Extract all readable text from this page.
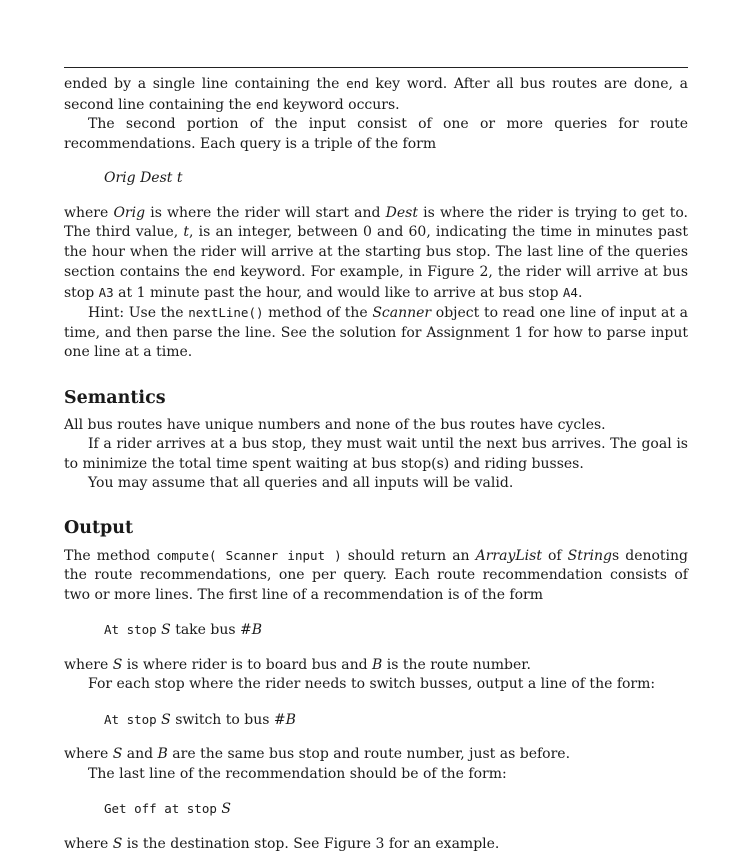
ended by a single line containing the end key word. After all bus routes are done, a second line containing the end keyword occurs.

The second portion of the input consist of one or more queries for route recommendations. Each query is a triple of the form

Orig Dest t

where Orig is where the rider will start and Dest is where the rider is trying to get to. The third value, t, is an integer, between 0 and 60, indicating the time in minutes past the hour when the rider will arrive at the starting bus stop. The last line of the queries section contains the end keyword. For example, in Figure 2, the rider will arrive at bus stop A3 at 1 minute past the hour, and would like to arrive at bus stop A4.

Hint: Use the nextLine() method of the Scanner object to read one line of input at a time, and then parse the line. See the solution for Assignment 1 for how to parse input one line at a time.

Semantics

All bus routes have unique numbers and none of the bus routes have cycles.

If a rider arrives at a bus stop, they must wait until the next bus arrives. The goal is to minimize the total time spent waiting at bus stop(s) and riding busses.

You may assume that all queries and all inputs will be valid.

Output

The method compute( Scanner input ) should return an ArrayList of Strings denoting the route recommendations, one per query. Each route recommendation consists of two or more lines. The first line of a recommendation is of the form

At stop S take bus #B

where S is where rider is to board bus and B is the route number.

For each stop where the rider needs to switch busses, output a line of the form:

At stop S switch to bus #B

where S and B are the same bus stop and route number, just as before.

The last line of the recommendation should be of the form:

Get off at stop S

where S is the destination stop. See Figure 3 for an example.
